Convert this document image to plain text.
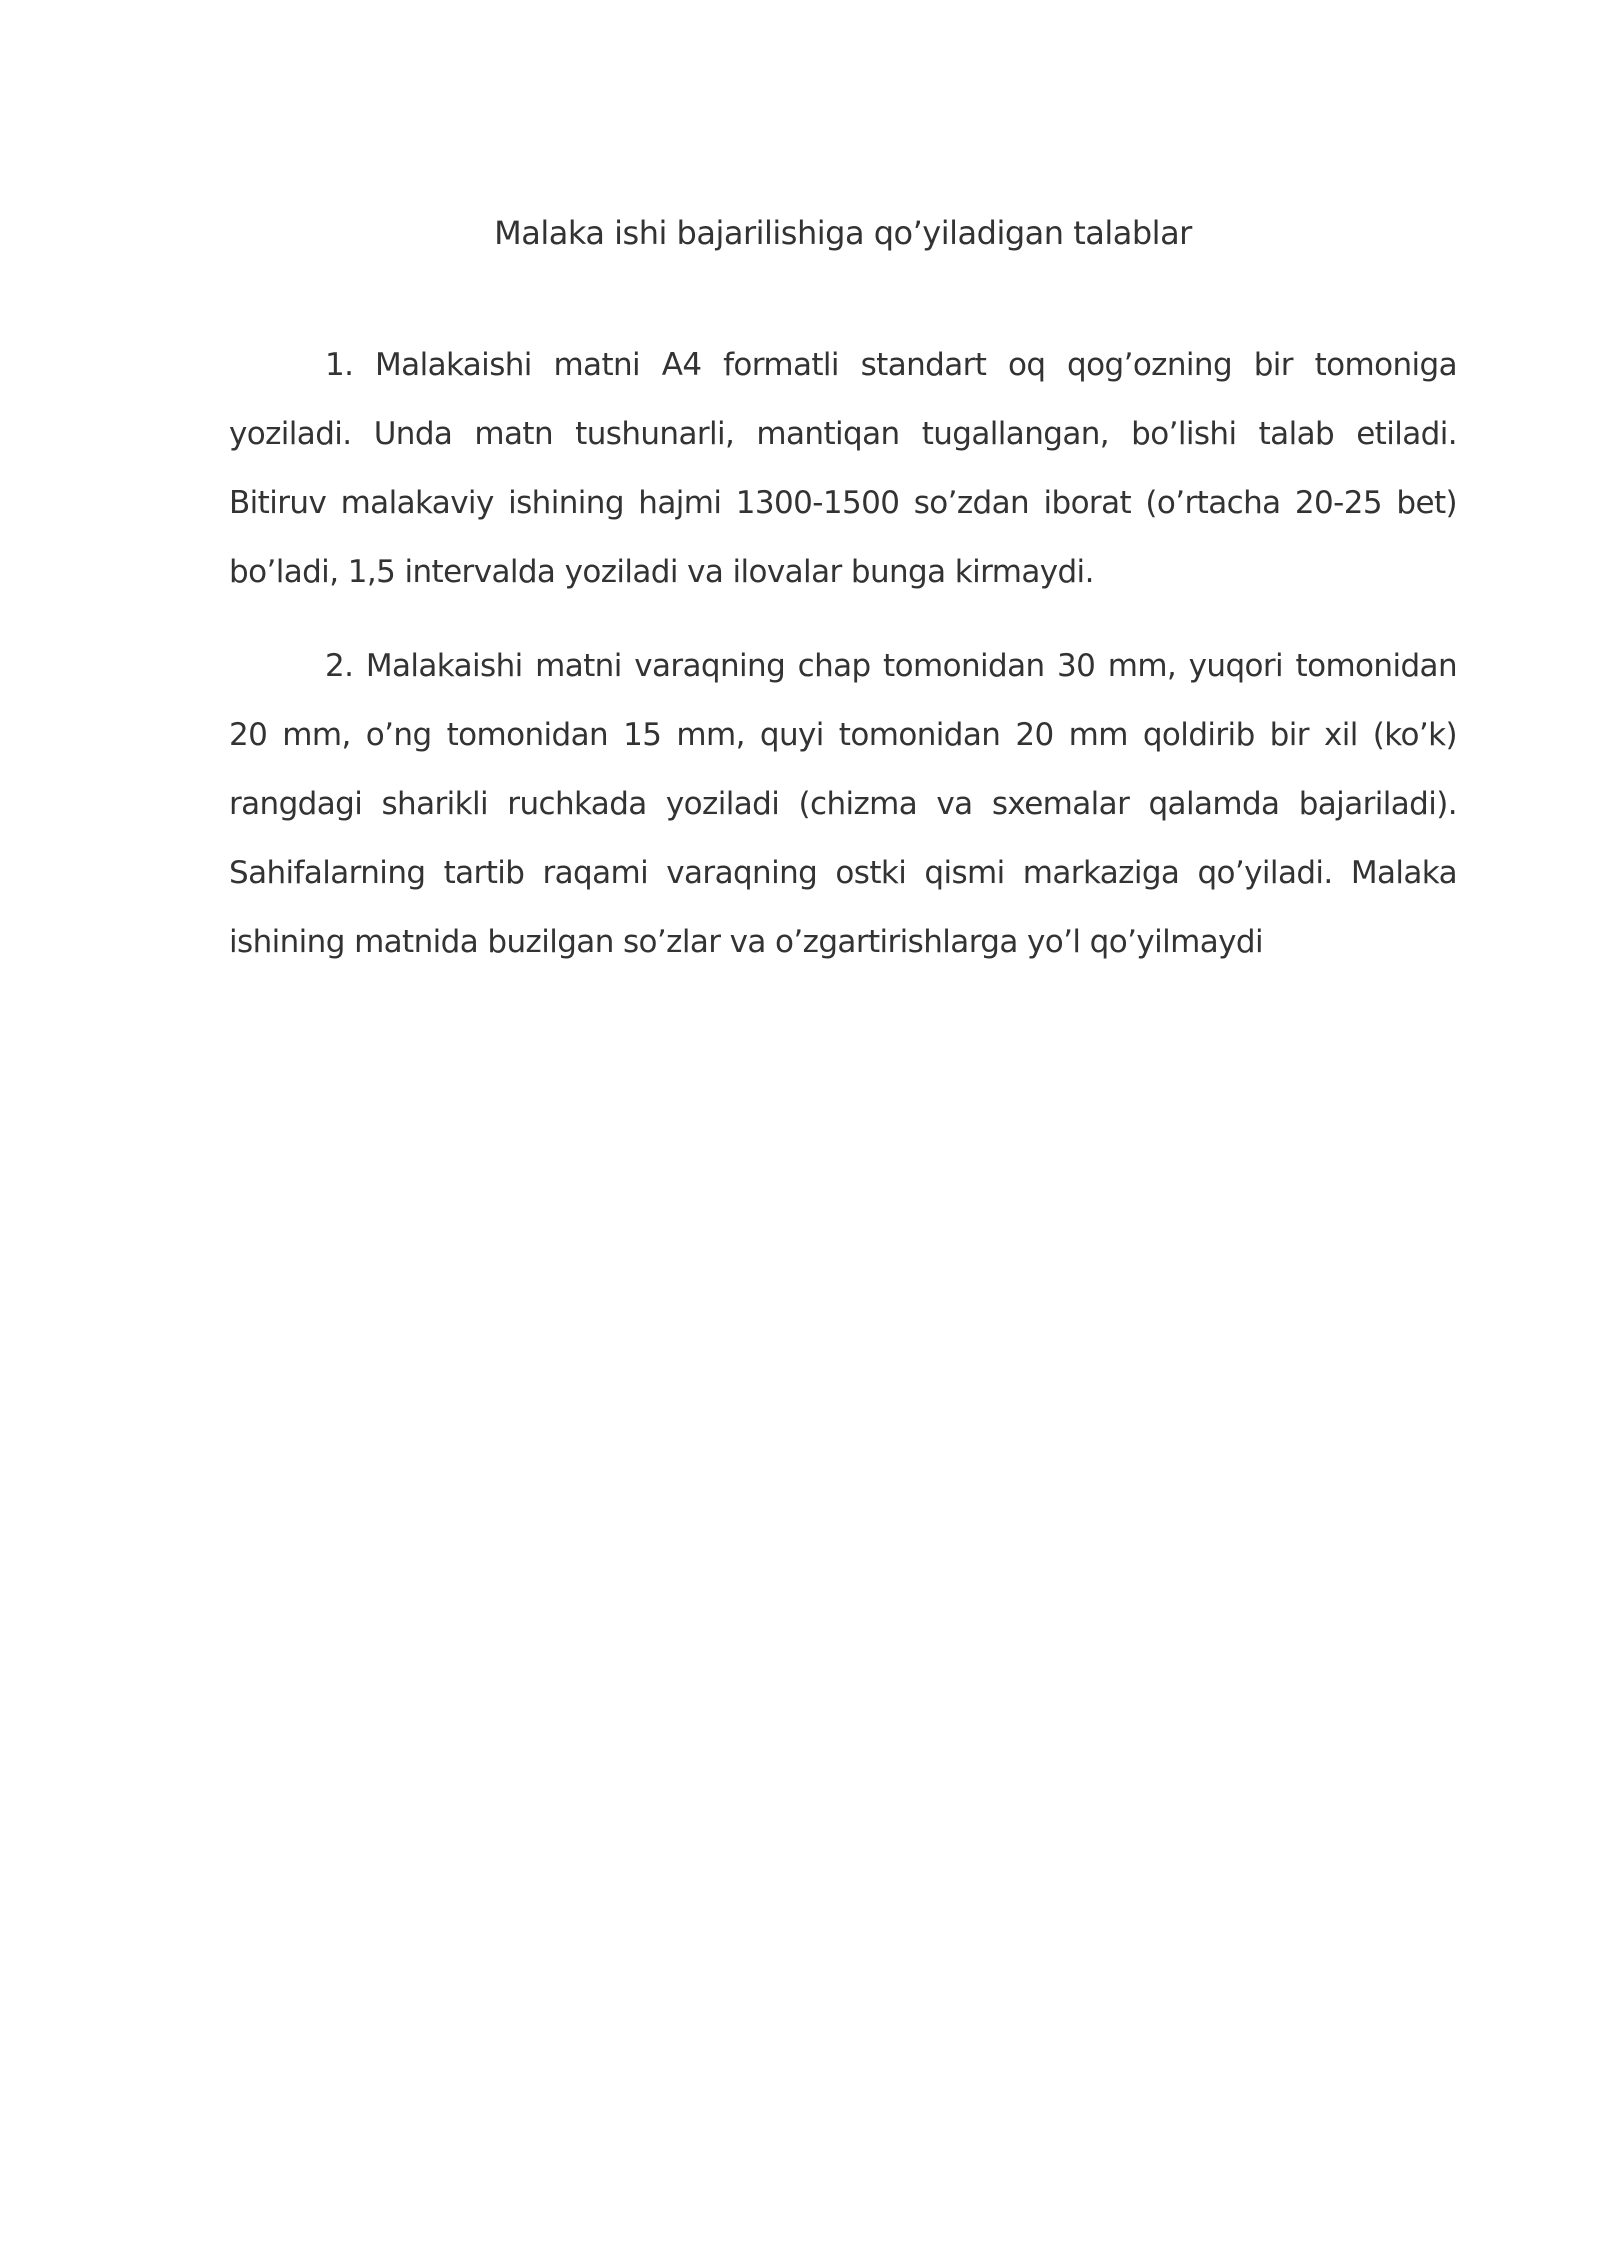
Malaka ishi bajarilishiga qo’yiladigan talablar

1. Malakaishi matni A4 formatli standart oq qog’ozning bir tomoniga yoziladi. Unda matn tushunarli, mantiqan tugallangan, bo’lishi talab etiladi. Bitiruv malakaviy ishining hajmi 1300-1500 so’zdan iborat (o’rtacha 20-25 bet) bo’ladi, 1,5 intervalda yoziladi va ilovalar bunga kirmaydi.

2. Malakaishi matni varaqning chap tomonidan 30 mm, yuqori tomonidan 20 mm, o’ng tomonidan 15 mm, quyi tomonidan 20 mm qoldirib bir xil (ko’k) rangdagi sharikli ruchkada yoziladi (chizma va sxemalar qalamda bajariladi). Sahifalarning tartib raqami varaqning ostki qismi markaziga qo’yiladi. Malaka ishining matnida buzilgan so’zlar va o’zgartirishlarga yo’l qo’yilmaydi
